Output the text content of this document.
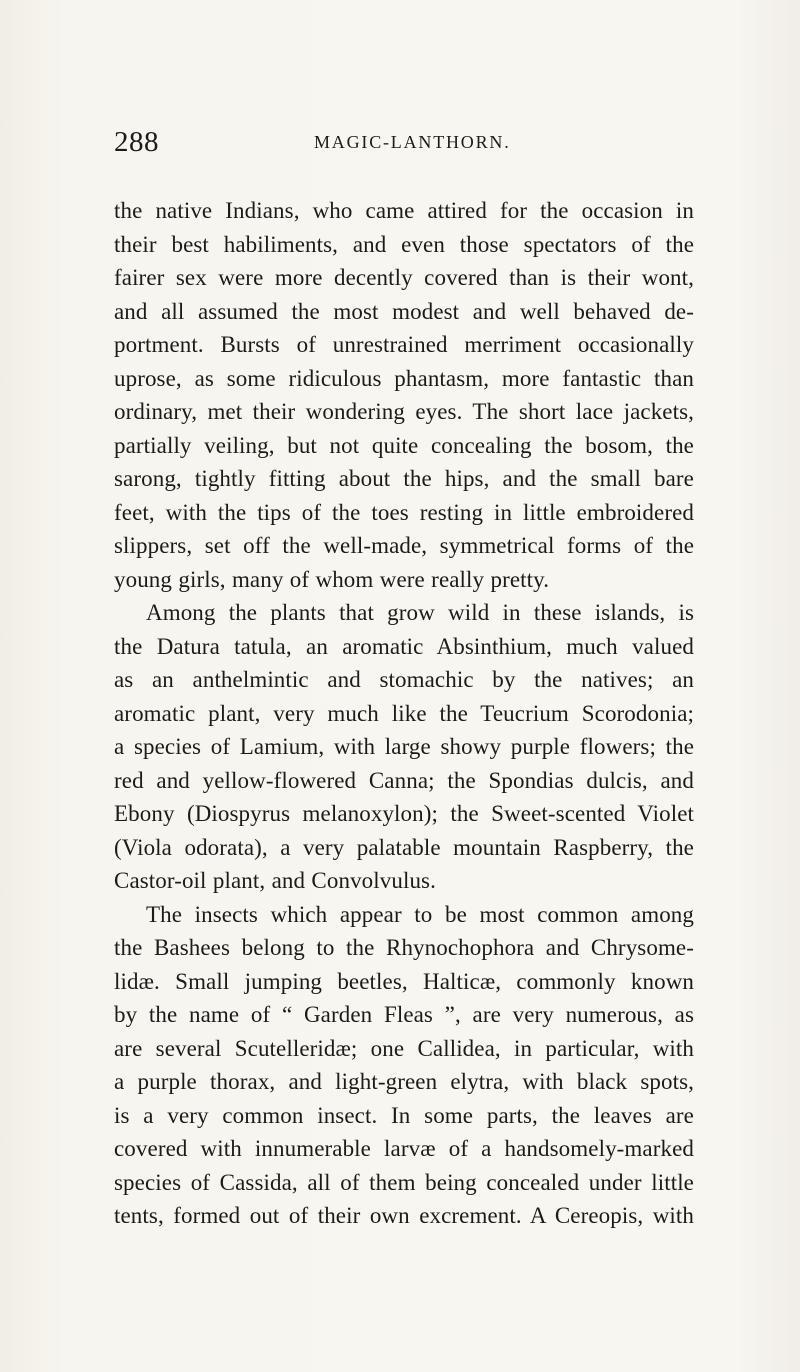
288	MAGIC-LANTHORN.
the native Indians, who came attired for the occasion in
their best habiliments, and even those spectators of the
fairer sex were more decently covered than is their wont,
and all assumed the most modest and well behaved de-
portment. Bursts of unrestrained merriment occasionally
uprose, as some ridiculous phantasm, more fantastic than
ordinary, met their wondering eyes. The short lace jackets,
partially veiling, but not quite concealing the bosom, the
sarong, tightly fitting about the hips, and the small bare
feet, with the tips of the toes resting in little embroidered
slippers, set off the well-made, symmetrical forms of the
young girls, many of whom were really pretty.
Among the plants that grow wild in these islands, is
the Datura tatula, an aromatic Absinthium, much valued
as an anthelmintic and stomachic by the natives; an
aromatic plant, very much like the Teucrium Scorodonia;
a species of Lamium, with large showy purple flowers; the
red and yellow-flowered Canna; the Spondias dulcis, and
Ebony (Diospyrus melanoxylon); the Sweet-scented Violet
(Viola odorata), a very palatable mountain Raspberry, the
Castor-oil plant, and Convolvulus.
The insects which appear to be most common among
the Bashees belong to the Rhynochophora and Chrysome-
lidæ. Small jumping beetles, Halticæ, commonly known
by the name of “ Garden Fleas ”, are very numerous, as
are several Scutelleridæ; one Callidea, in particular, with
a purple thorax, and light-green elytra, with black spots,
is a very common insect. In some parts, the leaves are
covered with innumerable larvæ of a handsomely-marked
species of Cassida, all of them being concealed under little
tents, formed out of their own excrement. A Cereopis, with
